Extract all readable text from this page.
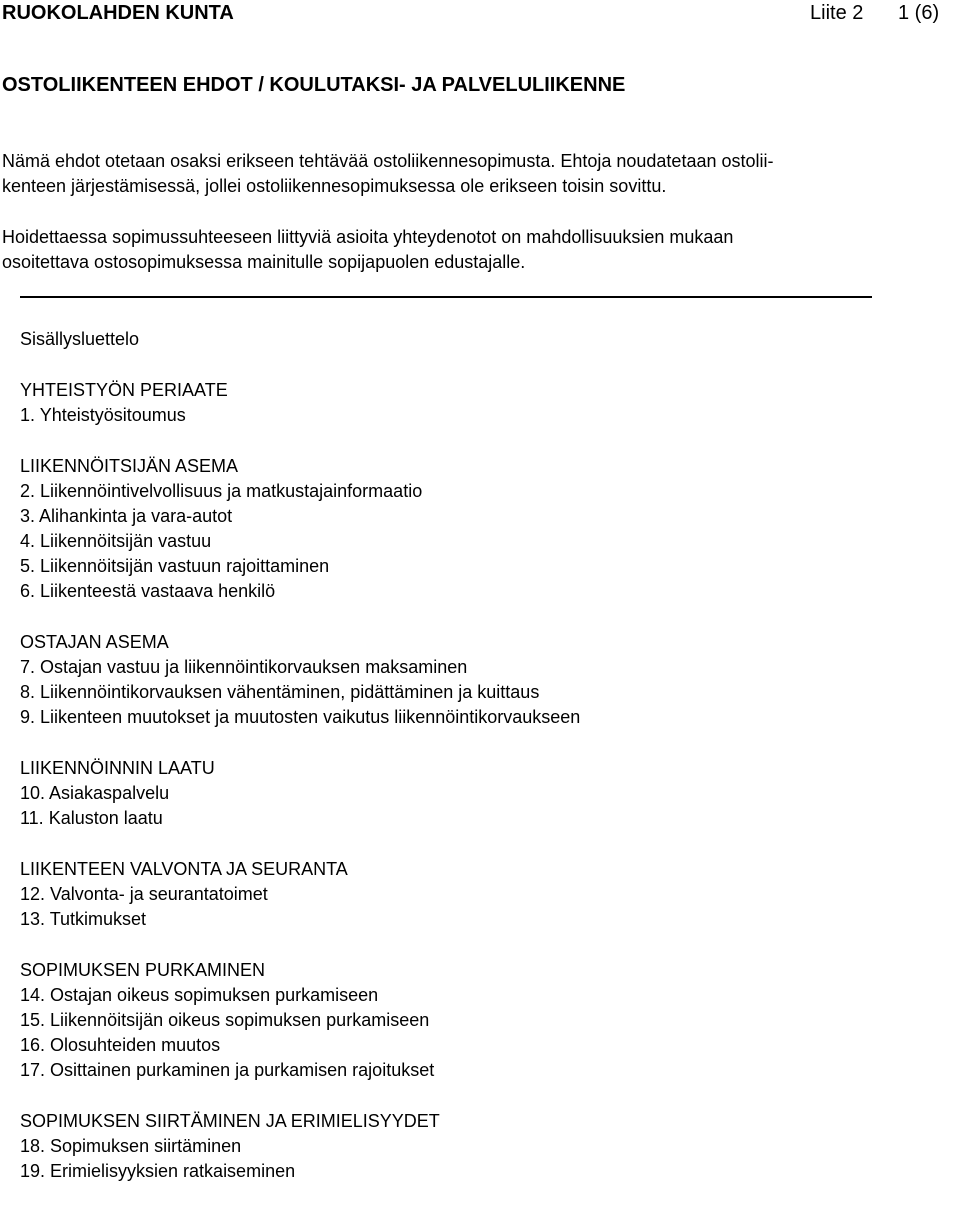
RUOKOLAHDEN KUNTA	Liite 2 1 (6)
OSTOLIIKENTEEN EHDOT / KOULUTAKSI- JA PALVELULIIKENNE

Nämä ehdot otetaan osaksi erikseen tehtävää ostoliikennesopimusta. Ehtoja noudatetaan ostolii-
kenteen järjestämisessä, jollei ostoliikennesopimuksessa ole erikseen toisin sovittu.

Hoidettaessa sopimussuhteeseen liittyviä asioita yhteydenotot on mahdollisuuksien mukaan
osoitettava ostosopimuksessa mainitulle sopijapuolen edustajalle.

Sisällysluettelo
YHTEISTYÖN PERIAATE
1. Yhteistyösitoumus
LIIKENNÖITSIJÄN ASEMA
2. Liikennöintivelvollisuus ja matkustajainformaatio
3. Alihankinta ja vara-autot
4. Liikennöitsijän vastuu
5. Liikennöitsijän vastuun rajoittaminen
6. Liikenteestä vastaava henkilö
OSTAJAN ASEMA
7. Ostajan vastuu ja liikennöintikorvauksen maksaminen
8. Liikennöintikorvauksen vähentäminen, pidättäminen ja kuittaus
9. Liikenteen muutokset ja muutosten vaikutus liikennöintikorvaukseen
LIIKENNÖINNIN LAATU
10. Asiakaspalvelu
11. Kaluston laatu
LIIKENTEEN VALVONTA JA SEURANTA
12. Valvonta- ja seurantatoimet
13. Tutkimukset
SOPIMUKSEN PURKAMINEN
14. Ostajan oikeus sopimuksen purkamiseen
15. Liikennöitsijän oikeus sopimuksen purkamiseen
16. Olosuhteiden muutos
17. Osittainen purkaminen ja purkamisen rajoitukset
SOPIMUKSEN SIIRTÄMINEN JA ERIMIELISYYDET
18. Sopimuksen siirtäminen
19. Erimielisyyksien ratkaiseminen
